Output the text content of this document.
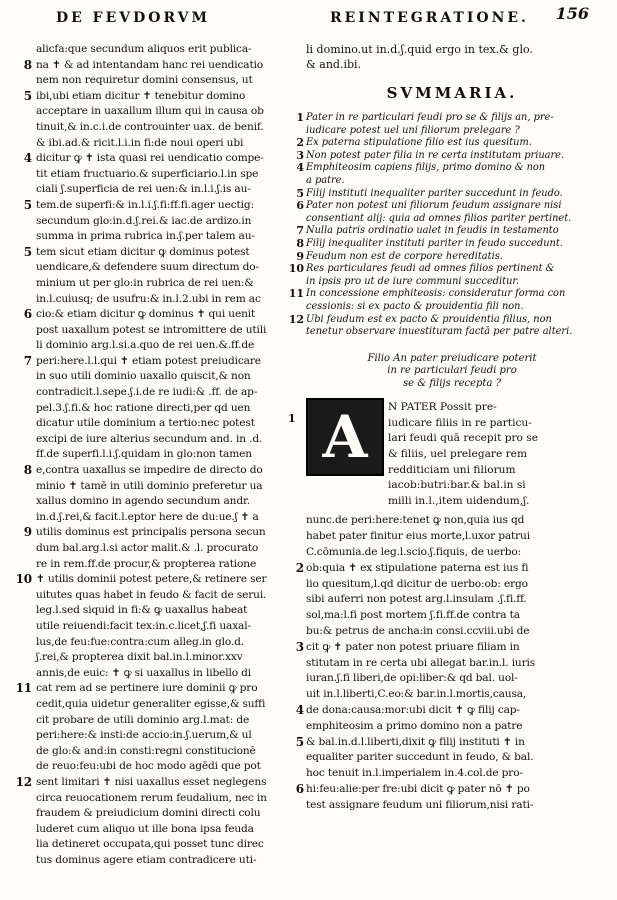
DE FEVDORVM	REINTEGRATIONE. 156
alicfa:que secundum aliquos erit publica-
8 na ✝ & ad intentandam hanc rei uendicatio
nem non requiretur domini consensus, ut
5 ibi,ubi etiam dicitur ✝ tenebitur domino
acceptare in uaxallum illum qui in causa ob
tinuit,& in.c.i.de controuinter uax. de benif.
& ibi.ad.& ricit.l.i.in fi:de noui operi ubi
4 dicitur ꝙ ✝ ista quasi rei uendicatio compe-
tit etiam fructuario.& superficiario.l.in spe
ciali ʃ.superficia de rei uen:& in.l.i.ʃ.is au-
5 tem.de superfi:& in.l.i.ʃ.fi:ff.fi.ager uectig:
secundum glo:in.d.ʃ.rei.& iac.de ardizo.in
summa in prima rubrica in.ʃ.per talem au-
5 tem sicut etiam dicitur ꝙ dominus potest
uendicare,& defendere suum directum do-
minium ut per glo:in rubrica de rei uen:&
in.l.cuiusq; de usufru:& in.l.2.ubi in rem ac
6 cio:& etiam dicitur ꝙ dominus ✝ qui uenit
post uaxallum potest se intromittere de utili
li dominio arg.l.si.a.quo de rei uen.&.ff.de
7 peri:here.l.l.qui ✝ etiam potest preiudicare
in suo utili dominio uaxallo quiscit,& non
contradicit.l.sepe.ʃ.i.de re iudi:& .ff. de ap-
pel.3.ʃ.fi.& hoc ratione directi,per qd uen
dicatur utile dominium a tertio:nec potest
excipi de iure alterius secundum and. in .d.
ff.de superfi.l.i.ʃ.quidam in glo:non tamen
8 e,contra uaxallus se impedire de directo do
minio ✝ tamē in utili dominio preferetur ua
xallus domino in agendo secundum andr.
in.d.ʃ.rei,& facit.l.eptor here de du:ue.ʃ ✝ a
9 utilis dominus est principalis persona secun
dum bal.arg.l.si actor malit.& .l. procurato
re in rem.ff.de procur,& propterea ratione
10 ✝ utilis dominii potest petere,& retinere ser
uitutes quas habet in feudo & facit de serui.
leg.l.sed siquid in fi:& ꝙ uaxallus habeat
utile reiuendi:facit tex:in.c.licet,ʃ.fi uaxal-
lus,de feu:fue:contra:cum alleg.in glo.d.
ʃ.rei,& propterea dixit bal.in.l.minor.xxv
annis,de euic: ✝ ꝙ si uaxallus in libello di
11 cat rem ad se pertinere iure dominii ꝙ pro
cedit,quia uidetur generaliter egisse,& suffi
cit probare de utili dominio arg.l.mat: de
peri:here:& insti:de accio:in.ʃ.uerum,& ul
de glo:& and:in consti:regni constitucionē
de reuo:feu:ubi de hoc modo agēdi que pot
12 sent limitari ✝ nisi uaxallus esset neglegens
circa reuocationem rerum feudalium, nec in
fraudem & preiudicium domini directi colu
luderet cum aliquo ut ille bona ipsa feuda
lia detineret occupata,qui posset tunc direc
tus dominus agere etiam contradicere uti-
li domino.ut in.d.ʃ.quid ergo in tex.& glo.
& and.ibi.
SVMMARIA.
1 Pater in re particulari feudi pro se & filijs an, pre-
iudicare potest uel uni filiorum prelegare ?
2 Ex paterna stipulatione filio est ius quesitum.
3 Non potest pater filia in re certa institutam priuare.
4 Emphiteosim capiens filijs, primo domino & non
a patre.
5 Filij instituti inequaliter pariter succedunt in feudo.
6 Pater non potest uni filiorum feudum assignare nisi
consentiant alij: quia ad omnes filios pariter pertinet.
7 Nulla patris ordinatio ualet in feudis in testamento
8 Filij inequaliter instituti pariter in feudo succedunt.
9 Feudum non est de corpore hereditatis.
10 Res particulares feudi ad omnes filios pertinent &
in ipsis pro ut de iure communi succeditur.
11 In concessione emphiteosis: consideratur forma con
cessionis: si ex pacto & prouidentia fili non.
12 Ubi feudum est ex pacto & prouidentia filius, non
tenetur observare inuestituram factā per patre alteri.
Filio An pater preiudicare poterit
in re particulari feudi pro
se & filijs recepta ?
A
1
N PATER Possit pre-
iudicare filiis in re particu-
lari feudi quā recepit pro se
& filiis, uel prelegare rem
redditiciam uni filiorum
iacob:butri:bar.& bal.in si
milli in.l.,item uidendum,ʃ.
nunc.de peri:here:tenet ꝙ non,quia ius qd
habet pater finitur eius morte,l.uxor patrui
C.cōmunia.de leg.l.scio.ʃ.fiquis, de uerbo:
2 ob:quia ✝ ex stipulatione paterna est ius fi
lio quesitum,l.qd dicitur de uerbo:ob: ergo
sibi auferri non potest arg.l.insulam .ʃ.fi.ff.
sol,ma:l.fi post mortem ʃ.fi.ff.de contra ta
bu:& petrus de ancha:in consi.ccviii.ubi de
3 cit ꝙ ✝ pater non potest priuare filiam in
stitutam in re certa ubi allegat bar.in.l. iuris
iuran.ʃ.fi liberi,de opi:liber:& qd bal. uol-
uit in.l.liberti,C.eo:& bar.in.l.mortis,causa,
4 de dona:causa:mor:ubi dicit ✝ ꝙ filij cap-
emphiteosim a primo domino non a patre
5 & bal.in.d.l.liberti,dixit ꝙ filij instituti ✝ in
equaliter pariter succedunt in feudo, & bal.
hoc tenuit in.l.imperialem in.4.col.de pro-
6 hi:feu:alie:per fre:ubi dicit ꝙ pater nō ✝ po
test assignare feudum uni filiorum,nisi rati-
